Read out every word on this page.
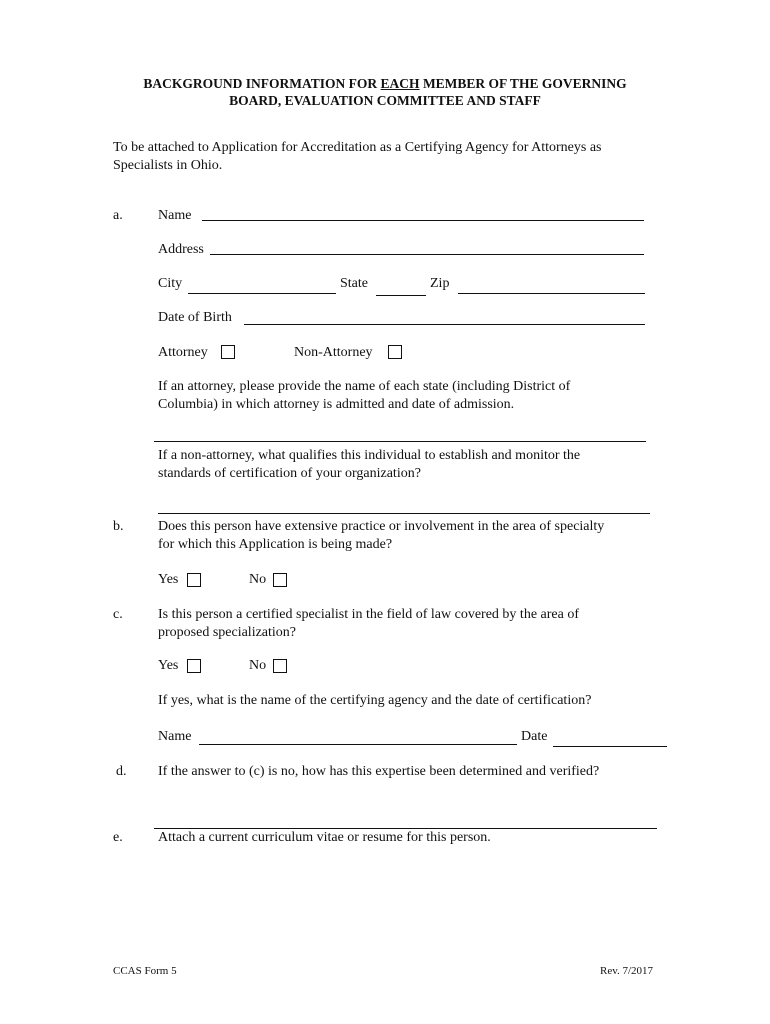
BACKGROUND INFORMATION FOR EACH MEMBER OF THE GOVERNING
BOARD, EVALUATION COMMITTEE AND STAFF
To be attached to Application for Accreditation as a Certifying Agency for Attorneys as
Specialists in Ohio.
a.	Name
Address
City	State	Zip
Date of Birth
Attorney	Non-Attorney
If an attorney, please provide the name of each state (including District of
Columbia) in which attorney is admitted and date of admission.
If a non-attorney, what qualifies this individual to establish and monitor the
standards of certification of your organization?
b. Does this person have extensive practice or involvement in the area of specialty
for which this Application is being made?
Yes	No
c.	Is this person a certified specialist in the field of law covered by the area of
proposed specialization?
Yes	No
If yes, what is the name of the certifying agency and the date of certification?
Name	Date
d. If the answer to (c) is no, how has this expertise been determined and verified?
e.	Attach a current curriculum vitae or resume for this person.
CCAS Form 5	Rev. 7/2017
